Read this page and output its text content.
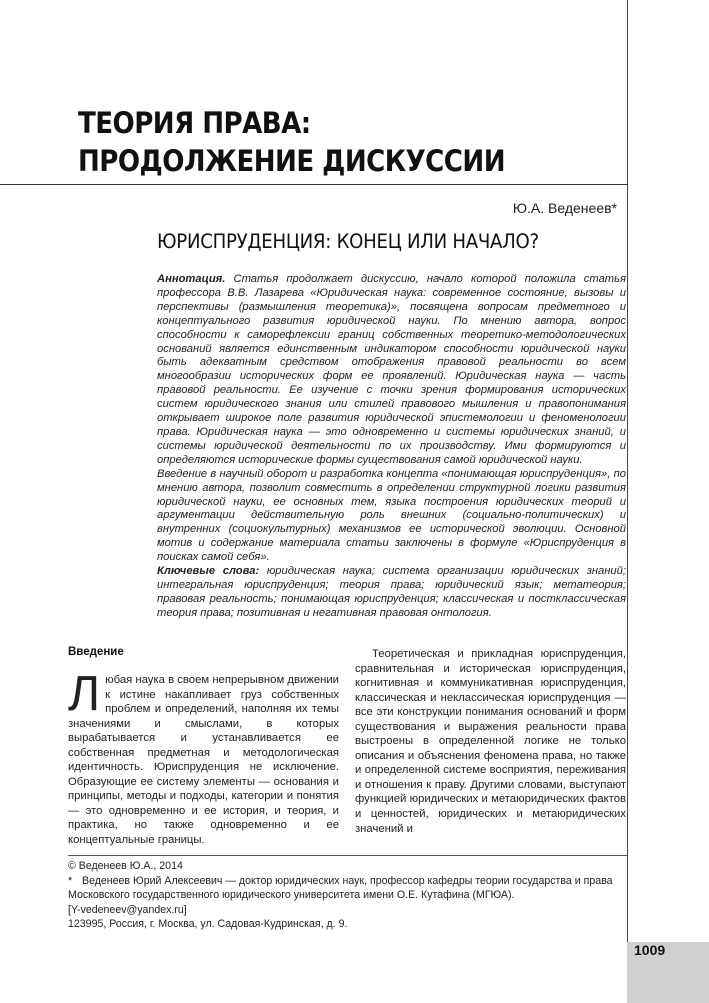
ТЕОРИЯ ПРАВА:
ПРОДОЛЖЕНИЕ ДИСКУССИИ
Ю.А. Веденеев*
ЮРИСПРУДЕНЦИЯ: КОНЕЦ ИЛИ НАЧАЛО?

Аннотация. Статья продолжает дискуссию, начало которой положила статья профессора В.В. Лазарева «Юридическая наука: современное состояние, вызовы и перспективы (размышления теоретика)», посвящена вопросам предметного и концептуального развития юридической науки. По мнению автора, вопрос способности к саморефлексии границ собственных теоретико-методологических оснований является единственным индикатором способности юридической науки быть адекватным средством отображения правовой реальности во всем многообразии исторических форм ее проявлений. Юридическая наука — часть правовой реальности. Ее изучение с точки зрения формирования исторических систем юридического знания или стилей правового мышления и правопонимания открывает широкое поле развития юридической эпистемологии и феноменологии права. Юридическая наука — это одновременно и системы юридических знаний, и системы юридической деятельности по их производству. Ими формируются и определяются исторические формы существования самой юридической науки.

Введение в научный оборот и разработка концепта «понимающая юриспруденция», по мнению автора, позволит совместить в определении структурной логики развития юридической науки, ее основных тем, языка построения юридических теорий и аргументации действительную роль внешних (социально-политических) и внутренних (социокультурных) механизмов ее исторической эволюции. Основной мотив и содержание материала статьи заключены в формуле «Юриспруденция в поисках самой себя».

Ключевые слова: юридическая наука; система организации юридических знаний; интегральная юриспруденция; теория права; юридический язык; метатеория; правовая реальность; понимающая юриспруденция; классическая и постклассическая теория права; позитивная и негативная правовая онтология.

Введение

Любая наука в своем непрерывном движении к истине накапливает груз собственных проблем и определений, наполняя их темы значениями и смыслами, в которых вырабатывается и устанавливается ее собственная предметная и методологическая идентичность. Юриспруденция не исключение. Образующие ее систему элементы — основания и принципы, методы и подходы, категории и понятия — это одновременно и ее история, и теория, и практика, но также одновременно и ее концептуальные границы.

Теоретическая и прикладная юриспруденция, сравнительная и историческая юриспруденция, когнитивная и коммуникативная юриспруденция, классическая и неклассическая юриспруденция — все эти конструкции понимания оснований и форм существования и выражения реальности права выстроены в определенной логике не только описания и объяснения феномена права, но также и определенной системе восприятия, переживания и отношения к праву. Другими словами, выступают функцией юридических и метаюридических фактов и ценностей, юридических и метаюридических значений и

© Веденеев Ю.А., 2014
* Веденеев Юрий Алексеевич — доктор юридических наук, профессор кафедры теории государства и права Московского государственного юридического университета имени О.Е. Кутафина (МГЮА).
[Y-vedeneev@yandex.ru]
123995, Россия, г. Москва, ул. Садовая-Кудринская, д. 9.
1009
